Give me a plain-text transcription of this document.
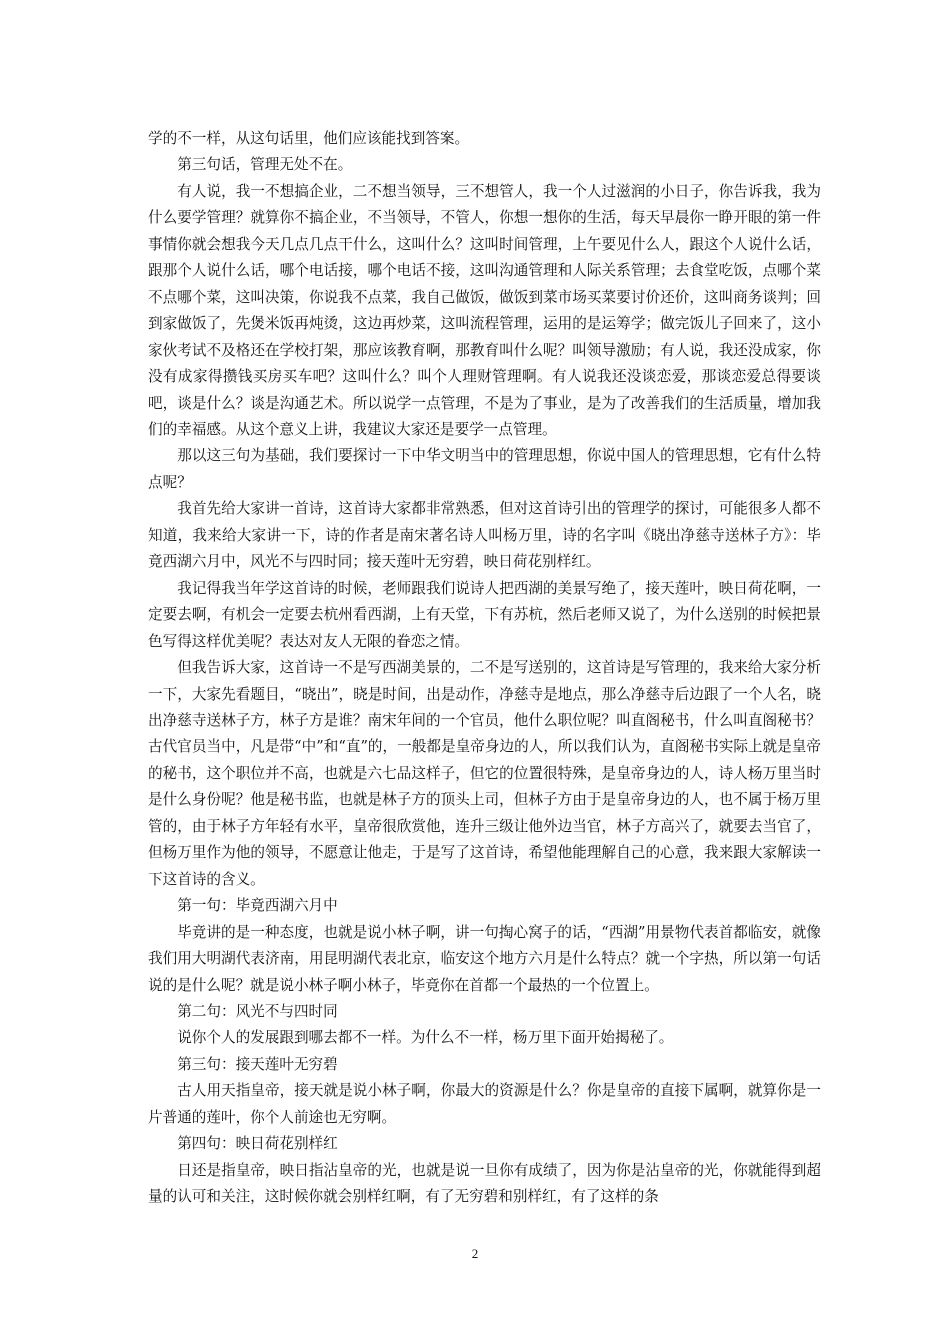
学的不一样，从这句话里，他们应该能找到答案。

第三句话，管理无处不在。

有人说，我一不想搞企业，二不想当领导，三不想管人，我一个人过滋润的小日子，你告诉我，我为什么要学管理？就算你不搞企业，不当领导，不管人，你想一想你的生活，每天早晨你一睁开眼的第一件事情你就会想我今天几点几点干什么，这叫什么？这叫时间管理，上午要见什么人，跟这个人说什么话，跟那个人说什么话，哪个电话接，哪个电话不接，这叫沟通管理和人际关系管理；去食堂吃饭，点哪个菜不点哪个菜，这叫决策，你说我不点菜，我自己做饭，做饭到菜市场买菜要讨价还价，这叫商务谈判；回到家做饭了，先煲米饭再炖烫，这边再炒菜，这叫流程管理，运用的是运筹学；做完饭儿子回来了，这小家伙考试不及格还在学校打架，那应该教育啊，那教育叫什么呢？叫领导激励；有人说，我还没成家，你没有成家得攒钱买房买车吧？这叫什么？叫个人理财管理啊。有人说我还没谈恋爱，那谈恋爱总得要谈吧，谈是什么？谈是沟通艺术。所以说学一点管理，不是为了事业，是为了改善我们的生活质量，增加我们的幸福感。从这个意义上讲，我建议大家还是要学一点管理。

那以这三句为基础，我们要探讨一下中华文明当中的管理思想，你说中国人的管理思想，它有什么特点呢？

我首先给大家讲一首诗，这首诗大家都非常熟悉，但对这首诗引出的管理学的探讨，可能很多人都不知道，我来给大家讲一下，诗的作者是南宋著名诗人叫杨万里，诗的名字叫《晓出净慈寺送林子方》：毕竟西湖六月中，风光不与四时同；接天莲叶无穷碧，映日荷花别样红。

我记得我当年学这首诗的时候，老师跟我们说诗人把西湖的美景写绝了，接天莲叶，映日荷花啊，一定要去啊，有机会一定要去杭州看西湖，上有天堂，下有苏杭，然后老师又说了，为什么送别的时候把景色写得这样优美呢？表达对友人无限的眷恋之情。

但我告诉大家，这首诗一不是写西湖美景的，二不是写送别的，这首诗是写管理的，我来给大家分析一下，大家先看题目，“晓出”，晓是时间，出是动作，净慈寺是地点，那么净慈寺后边跟了一个人名，晓出净慈寺送林子方，林子方是谁？南宋年间的一个官员，他什么职位呢？叫直阁秘书，什么叫直阁秘书？古代官员当中，凡是带“中”和“直”的，一般都是皇帝身边的人，所以我们认为，直阁秘书实际上就是皇帝的秘书，这个职位并不高，也就是六七品这样子，但它的位置很特殊，是皇帝身边的人，诗人杨万里当时是什么身份呢？他是秘书监，也就是林子方的顶头上司，但林子方由于是皇帝身边的人，也不属于杨万里管的，由于林子方年轻有水平，皇帝很欣赏他，连升三级让他外边当官，林子方高兴了，就要去当官了，但杨万里作为他的领导，不愿意让他走，于是写了这首诗，希望他能理解自己的心意，我来跟大家解读一下这首诗的含义。

第一句：毕竟西湖六月中

毕竟讲的是一种态度，也就是说小林子啊，讲一句掏心窝子的话，“西湖”用景物代表首都临安，就像我们用大明湖代表济南，用昆明湖代表北京，临安这个地方六月是什么特点？就一个字热，所以第一句话说的是什么呢？就是说小林子啊小林子，毕竟你在首都一个最热的一个位置上。

第二句：风光不与四时同

说你个人的发展跟到哪去都不一样。为什么不一样，杨万里下面开始揭秘了。

第三句：接天莲叶无穷碧

古人用天指皇帝，接天就是说小林子啊，你最大的资源是什么？你是皇帝的直接下属啊，就算你是一片普通的莲叶，你个人前途也无穷啊。

第四句：映日荷花别样红

日还是指皇帝，映日指沾皇帝的光，也就是说一旦你有成绩了，因为你是沾皇帝的光，你就能得到超量的认可和关注，这时候你就会别样红啊，有了无穷碧和别样红，有了这样的条

2
